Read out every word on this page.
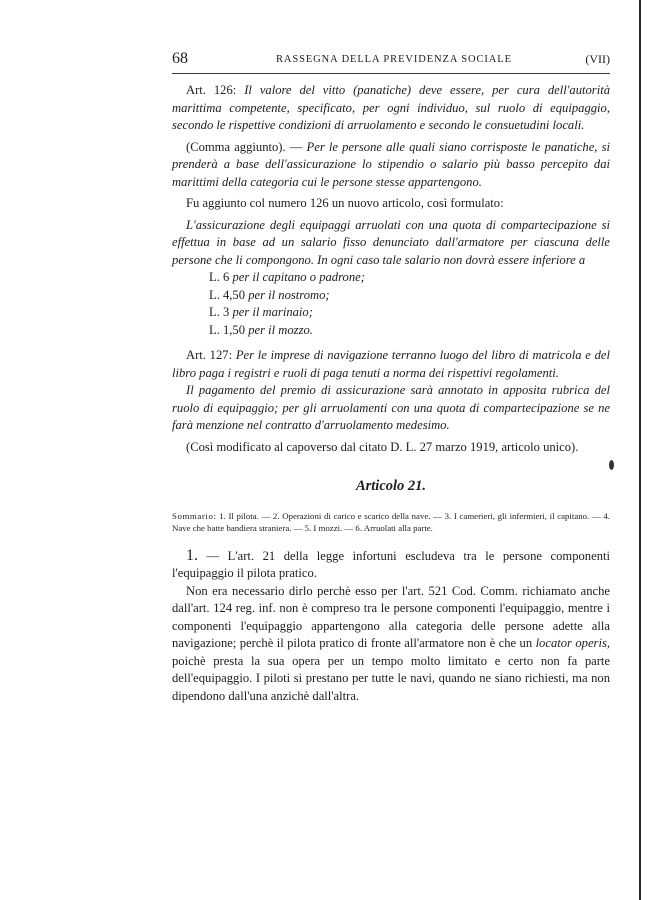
68	RASSEGNA DELLA PREVIDENZA SOCIALE	(VII)

Art. 126: Il valore del vitto (panatiche) deve essere, per cura dell'autorità marittima competente, specificato, per ogni individuo, sul ruolo di equipaggio, secondo le rispettive condizioni di arruolamento e secondo le consuetudini locali.

(Comma aggiunto). — Per le persone alle quali siano corrisposte le panatiche, si prenderà a base dell'assicurazione lo stipendio o salario più basso percepito dai marittimi della categoria cui le persone stesse appartengono.

Fu aggiunto col numero 126 un nuovo articolo, così formulato:

L'assicurazione degli equipaggi arruolati con una quota di compartecipazione si effettua in base ad un salario fisso denunciato dall'armatore per ciascuna delle persone che li compongono. In ogni caso tale salario non dovrà essere inferiore a

L. 6 per il capitano o padrone;
L. 4,50 per il nostromo;
L. 3 per il marinaio;
L. 1,50 per il mozzo.

Art. 127: Per le imprese di navigazione terranno luogo del libro di matricola e del libro paga i registri e ruoli di paga tenuti a norma dei rispettivi regolamenti.

Il pagamento del premio di assicurazione sarà annotato in apposita rubrica del ruolo di equipaggio; per gli arruolamenti con una quota di compartecipazione se ne farà menzione nel contratto d'arruolamento medesimo.

(Così modificato al capoverso dal citato D. L. 27 marzo 1919, articolo unico).

Articolo 21.

Sommario: 1. Il pilota. — 2. Operazioni di carico e scarico della nave. — 3. I camerieri, gli infermieri, il capitano. — 4. Nave che batte bandiera straniera. — 5. I mozzi. — 6. Arruolati alla parte.

1. — L'art. 21 della legge infortuni escludeva tra le persone componenti l'equipaggio il pilota pratico.

Non era necessario dirlo perchè esso per l'art. 521 Cod. Comm. richiamato anche dall'art. 124 reg. inf. non è compreso tra le persone componenti l'equipaggio, mentre i componenti l'equipaggio appartengono alla categoria delle persone adette alla navigazione; perchè il pilota pratico di fronte all'armatore non è che un locator operis, poichè presta la sua opera per un tempo molto limitato e certo non fa parte dell'equipaggio. I piloti si prestano per tutte le navi, quando ne siano richiesti, ma non dipendono dall'una anzichè dall'altra.
